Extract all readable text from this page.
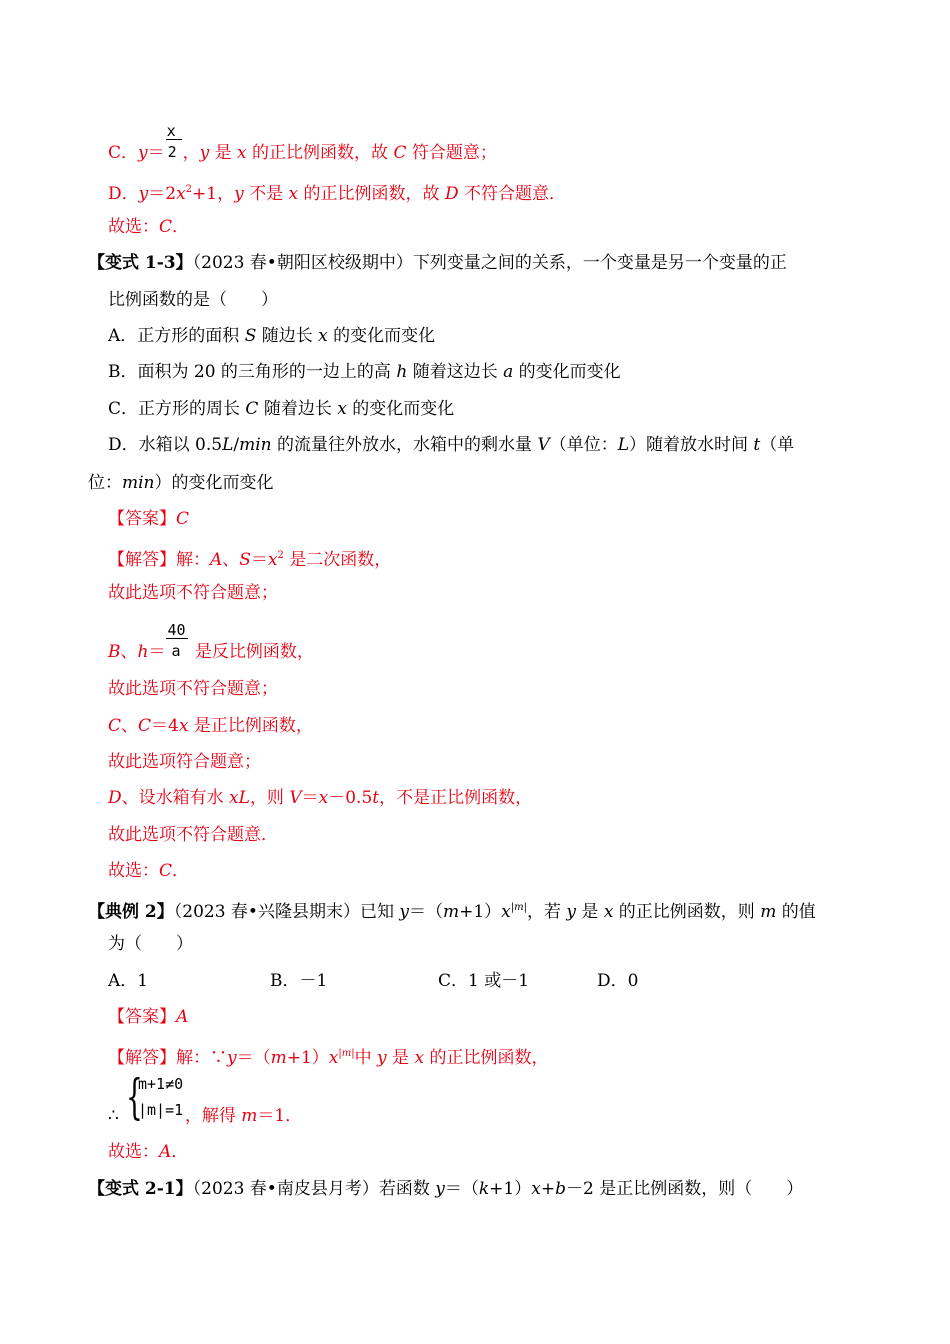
C．$y= \frac{x}{2}$ ，y 是 x 的正比例函数，故 C 符合题意；
D．$y=2x^2+1$，y 不是 x 的正比例函数，故 D 不符合题意．
故选：C．
【变式 1-3】（2023 春•朝阳区校级期中）下列变量之间的关系，一个变量是另一个变量的正
比例函数的是（　　）
A．正方形的面积 S 随边长 x 的变化而变化
B．面积为 20 的三角形的一边上的高 h 随着这边长 a 的变化而变化
C．正方形的周长 C 随着边长 x 的变化而变化
D．水箱以 0.5L/min 的流量往外放水，水箱中的剩水量 V（单位：L）随着放水时间 t（单
位：min）的变化而变化
【答案】C
【解答】解：A、$S=x^2$ 是二次函数，
故此选项不符合题意；
B、$h= \frac{40}{a}$ 是反比例函数，
故此选项不符合题意；
C、C＝4x 是正比例函数，
故此选项符合题意；
D、设水箱有水 xL，则 V＝x－0.5t，不是正比例函数，
故此选项不符合题意．
故选：C．
【典例 2】（2023 春•兴隆县期末）已知 $y=(m+1)x^{|m|}$，若 y 是 x 的正比例函数，则 m 的值
为（　　）
A．1	B．－1	C．1 或－1	D．0
【答案】A
【解答】解：$\because y=(m+1)x^{|m|}$中 y 是 x 的正比例函数，
{
m+1≠0
|m|=1
∴	，解得 m＝1．
故选：A．
【变式 2-1】（2023 春•南皮县月考）若函数 y＝（k+1）x+b－2 是正比例函数，则（　　）
